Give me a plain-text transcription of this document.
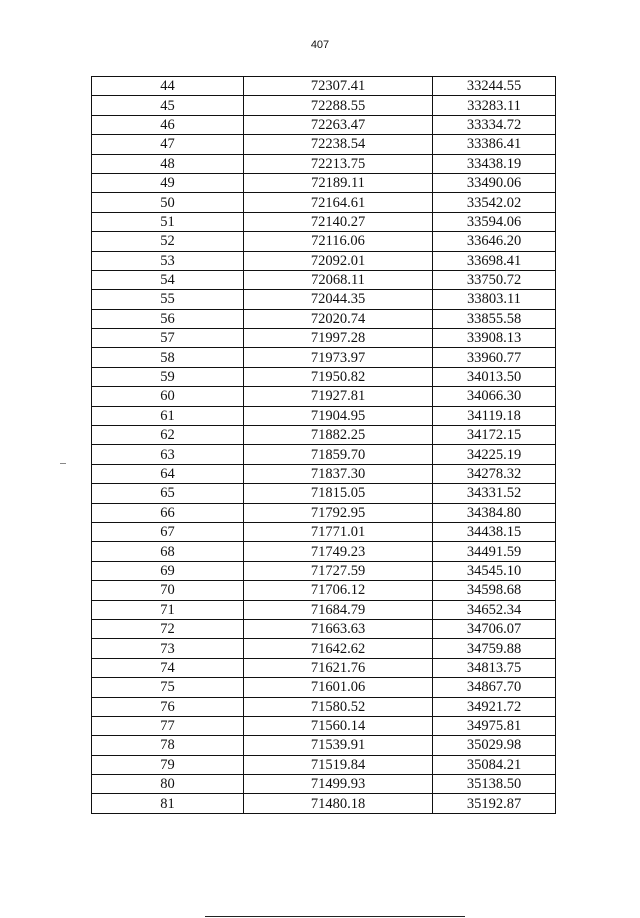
407
44	72307.41	33244.55
45	72288.55	33283.11
46	72263.47	33334.72
47	72238.54	33386.41
48	72213.75	33438.19
49	72189.11	33490.06
50	72164.61	33542.02
51	72140.27	33594.06
52	72116.06	33646.20
53	72092.01	33698.41
54	72068.11	33750.72
55	72044.35	33803.11
56	72020.74	33855.58
57	71997.28	33908.13
58	71973.97	33960.77
59	71950.82	34013.50
60	71927.81	34066.30
61	71904.95	34119.18
62	71882.25	34172.15
63	71859.70	34225.19
64	71837.30	34278.32
65	71815.05	34331.52
66	71792.95	34384.80
67	71771.01	34438.15
68	71749.23	34491.59
69	71727.59	34545.10
70	71706.12	34598.68
71	71684.79	34652.34
72	71663.63	34706.07
73	71642.62	34759.88
74	71621.76	34813.75
75	71601.06	34867.70
76	71580.52	34921.72
77	71560.14	34975.81
78	71539.91	35029.98
79	71519.84	35084.21
80	71499.93	35138.50
81	71480.18	35192.87
